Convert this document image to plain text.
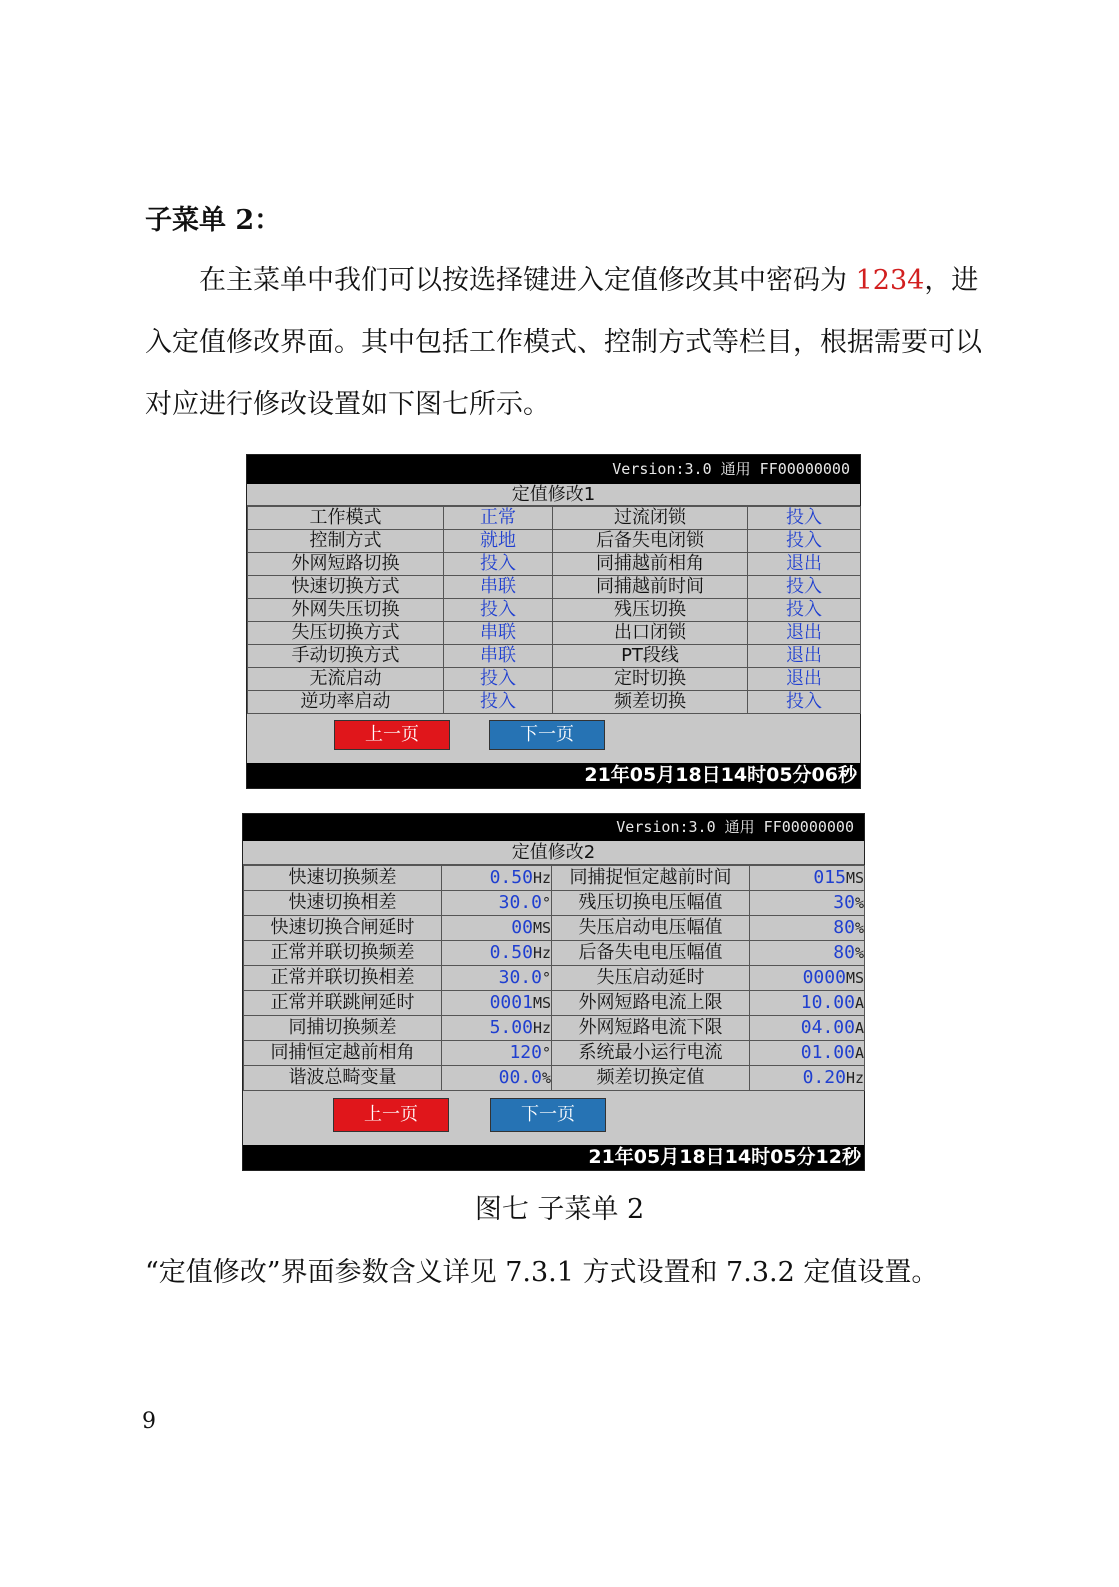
子菜单 2：

在主菜单中我们可以按选择键进入定值修改其中密码为 1234，进入定值修改界面。其中包括工作模式、控制方式等栏目，根据需要可以对应进行修改设置如下图七所示。

Version:3.0 通用 FF00000000
定值修改1
工作模式	正常	过流闭锁	投入
控制方式	就地	后备失电闭锁	投入
外网短路切换	投入	同捕越前相角	退出
快速切换方式	串联	同捕越前时间	投入
外网失压切换	投入	残压切换	投入
失压切换方式	串联	出口闭锁	退出
手动切换方式	串联	PT段线	退出
无流启动	投入	定时切换	退出
逆功率启动	投入	频差切换	投入
上一页	下一页
21年05月18日14时05分06秒
Version:3.0 通用 FF00000000
定值修改2
快速切换频差	0.50Hz	同捕捉恒定越前时间	015MS
快速切换相差	30.0°	残压切换电压幅值	30%
快速切换合闸延时	00MS	失压启动电压幅值	80%
正常并联切换频差	0.50Hz	后备失电电压幅值	80%
正常并联切换相差	30.0°	失压启动延时	0000MS
正常并联跳闸延时	0001MS	外网短路电流上限	10.00A
同捕切换频差	5.00Hz	外网短路电流下限	04.00A
同捕恒定越前相角	120°	系统最小运行电流	01.00A
谐波总畸变量	00.0%	频差切换定值	0.20Hz
上一页	下一页
21年05月18日14时05分12秒
图七 子菜单 2
“定值修改”界面参数含义详见 7.3.1 方式设置和 7.3.2 定值设置。
9
